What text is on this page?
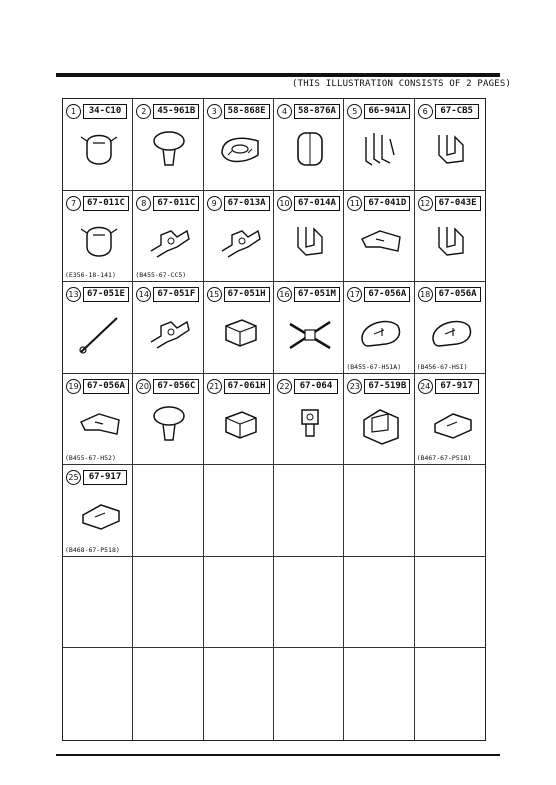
(THIS ILLUSTRATION CONSISTS OF 2 PAGES)
1	34-C10	2	45-961B	3	58-868E	4	58-876A	5	66-941A	6	67-CB5
7	67-011C
(E356-18-141)
8	67-011C
(B455-67-CC5)
9	67-013A	10 67-014A	11 67-041D	12 67-043E
13 67-051E	14 67-051F	15 67-051H	16 67-051M	17 67-056A
(B455-67-HS1A)
18 67-056A
(B456-67-HSI)
19 67-056A
(B455-67-H52)
20 67-056C	21 67-061H	22	67-064	23 67-519B	24	67-917
(B467-67-P518)
25	67-917
(B468-67-P518)
